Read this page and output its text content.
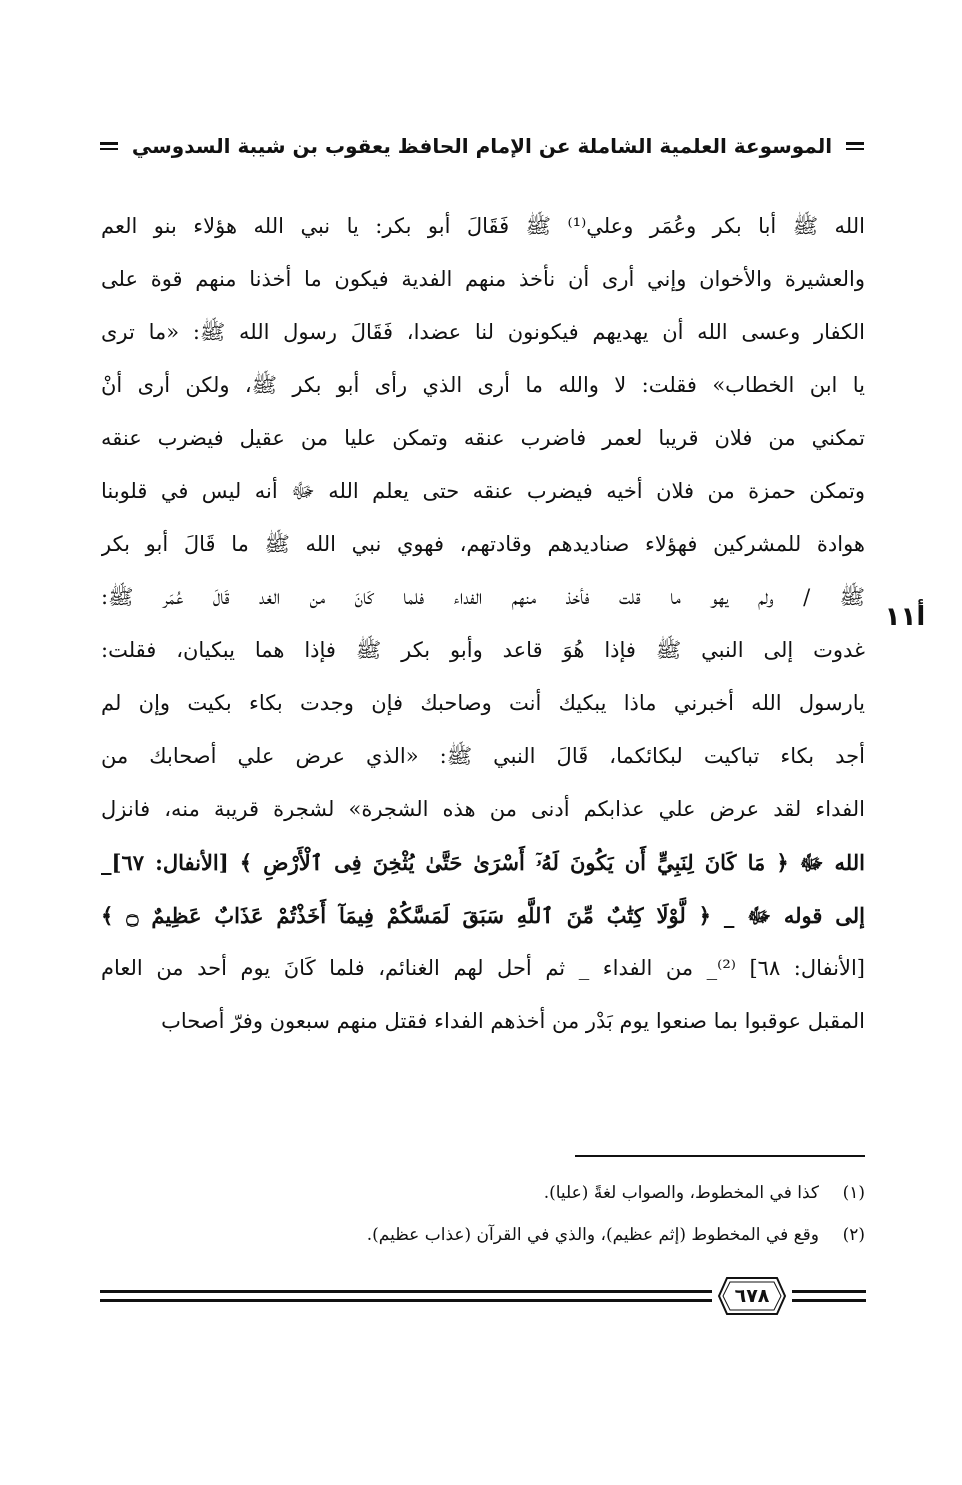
الموسوعة العلمية الشاملة عن الإمام الحافظ يعقوب بن شيبة السدوسي
الله ﷺ أبا بكر وعُمَر وعلي⁽¹⁾ ﷺ فَقَالَ أبو بكر: يا نبي الله هؤلاء بنو العم
والعشيرة والأخوان وإني أرى أن نأخذ منهم الفدية فيكون ما أخذنا منهم قوة على
الكفار وعسى الله أن يهديهم فيكونون لنا عضدا، فَقَالَ رسول الله ﷺ: «ما ترى
يا ابن الخطاب» فقلت: لا والله ما أرى الذي رأى أبو بكر ﷺ، ولكن أرى أنْ
تمكني من فلان قريبا لعمر فاضرب عنقه وتمكن عليا من عقيل فيضرب عنقه
وتمكن حمزة من فلان أخيه فيضرب عنقه حتى يعلم الله ﷻ أنه ليس في قلوبنا
هوادة للمشركين فهؤلاء صناديدهم وقادتهم، فهوي نبي الله ﷺ ما قَالَ أبو بكر
ﷺ / ولم يهو ما قلت فأخذ منهم الفداء فلما كَانَ من الغد قَالَ عُمَر ﷺ:
غدوت إلى النبي ﷺ فإذا هُوَ قاعد وأبو بكر ﷺ فإذا هما يبكيان، فقلت:
يارسول الله أخبرني ماذا يبكيك أنت وصاحبك فإن وجدت بكاء بكيت وإن لم
أجد بكاء تباكيت لبكائكما، قَالَ النبي ﷺ: «الذي عرض علي أصحابك من
الفداء لقد عرض علي عذابكم أدنى من هذه الشجرة» لشجرة قريبة منه، فانزل
الله ﷻ ﴿ مَا كَانَ لِنَبِيٍّ أَن يَكُونَ لَهُۥٓ أَسْرَىٰ حَتَّىٰ يُثْخِنَ فِى ٱلْأَرْضِ ﴾ [الأنفال: ٦٧]_
إلى قوله ﷻ _ ﴿ لَّوْلَا كِتَٰبٌ مِّنَ ٱللَّهِ سَبَقَ لَمَسَّكُمْ فِيمَآ أَخَذْتُمْ عَذَابٌ عَظِيمٌ ۝ ﴾
[الأنفال: ٦٨] ⁽²⁾_ من الفداء _ ثم أحل لهم الغنائم، فلما كَانَ يوم أحد من العام
المقبل عوقبوا بما صنعوا يوم بَدْر من أخذهم الفداء فقتل منهم سبعون وفرّ أصحاب
أ١١
(١)
كذا في المخطوط، والصواب لغةً (عليا).
(٢)
وقع في المخطوط (إثم عظيم)، والذي في القرآن (عذاب عظيم).
٦٧٨
